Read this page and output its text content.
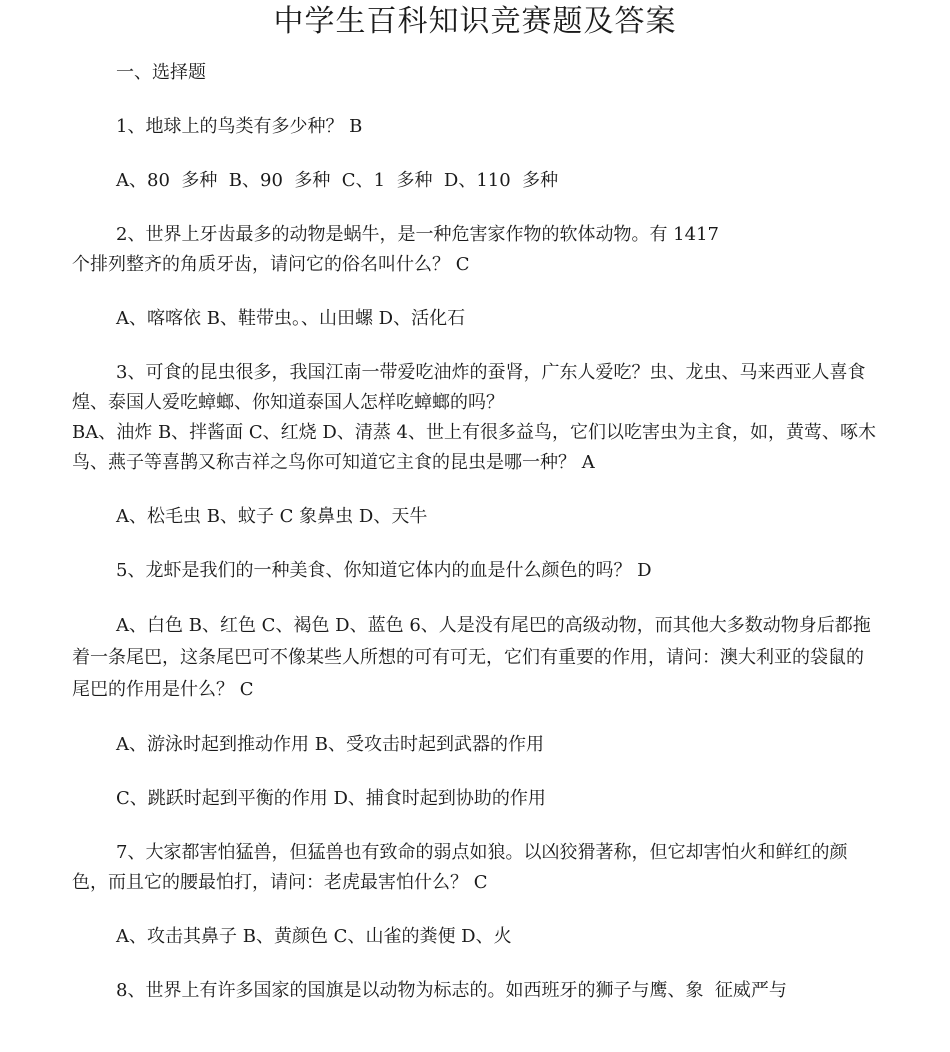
中学生百科知识竞赛题及答案

一、选择题

1、地球上的鸟类有多少种？ B

A、80  多种  B、90  多种  C、1  多种  D、110  多种

2、世界上牙齿最多的动物是蜗牛，是一种危害家作物的软体动物。有 1417

个排列整齐的角质牙齿，请问它的俗名叫什么？ C

A、喀喀依 B、鞋带虫。、山田螺 D、活化石

3、可食的昆虫很多，我国江南一带爱吃油炸的蚕肾，广东人爱吃？虫、龙虫、马来西亚人喜食煌、泰国人爱吃蟑螂、你知道泰国人怎样吃蟑螂的吗？

BA、油炸 B、拌酱面 C、红烧 D、清蒸 4、世上有很多益鸟，它们以吃害虫为主食，如，黄莺、啄木鸟、燕子等喜鹊又称吉祥之鸟你可知道它主食的昆虫是哪一种？ A

A、松毛虫 B、蚊子 C 象鼻虫 D、天牛

5、龙虾是我们的一种美食、你知道它体内的血是什么颜色的吗？ D

A、白色 B、红色 C、褐色 D、蓝色 6、人是没有尾巴的高级动物，而其他大多数动物身后都拖着一条尾巴，这条尾巴可不像某些人所想的可有可无，它们有重要的作用，请问：澳大利亚的袋鼠的尾巴的作用是什么？ C

A、游泳时起到推动作用 B、受攻击时起到武器的作用

C、跳跃时起到平衡的作用 D、捕食时起到协助的作用

7、大家都害怕猛兽，但猛兽也有致命的弱点如狼。以凶狡猾著称，但它却害怕火和鲜红的颜色，而且它的腰最怕打，请问：老虎最害怕什么？ C

A、攻击其鼻子 B、黄颜色 C、山雀的粪便 D、火

8、世界上有许多国家的国旗是以动物为标志的。如西班牙的狮子与鹰、象  征威严与
